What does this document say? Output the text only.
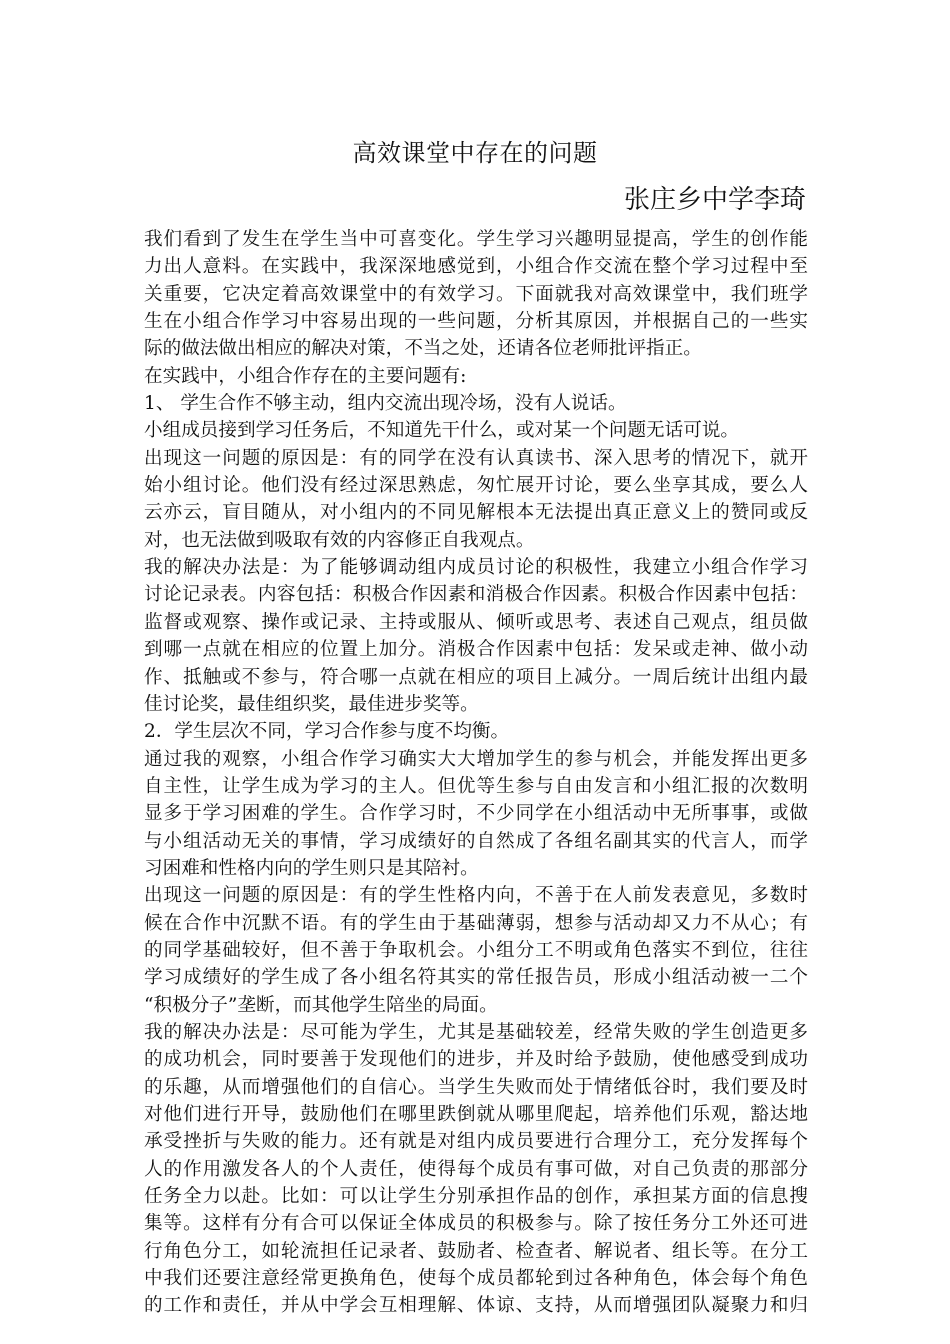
高效课堂中存在的问题
张庄乡中学李琦
我们看到了发生在学生当中可喜变化。学生学习兴趣明显提高，学生的创作能
力出人意料。在实践中，我深深地感觉到，小组合作交流在整个学习过程中至
关重要，它决定着高效课堂中的有效学习。下面就我对高效课堂中，我们班学
生在小组合作学习中容易出现的一些问题，分析其原因，并根据自己的一些实
际的做法做出相应的解决对策，不当之处，还请各位老师批评指正。
在实践中，小组合作存在的主要问题有:
1、 学生合作不够主动，组内交流出现冷场，没有人说话。
小组成员接到学习任务后，不知道先干什么，或对某一个问题无话可说。
出现这一问题的原因是：有的同学在没有认真读书、深入思考的情况下，就开
始小组讨论。他们没有经过深思熟虑，匆忙展开讨论，要么坐享其成，要么人
云亦云，盲目随从，对小组内的不同见解根本无法提出真正意义上的赞同或反
对，也无法做到吸取有效的内容修正自我观点。
我的解决办法是：为了能够调动组内成员讨论的积极性，我建立小组合作学习
讨论记录表。内容包括：积极合作因素和消极合作因素。积极合作因素中包括：
监督或观察、操作或记录、主持或服从、倾听或思考、表述自己观点，组员做
到哪一点就在相应的位置上加分。消极合作因素中包括：发呆或走神、做小动
作、抵触或不参与，符合哪一点就在相应的项目上减分。一周后统计出组内最
佳讨论奖，最佳组织奖，最佳进步奖等。
2．学生层次不同，学习合作参与度不均衡。
通过我的观察，小组合作学习确实大大增加学生的参与机会，并能发挥出更多
自主性，让学生成为学习的主人。但优等生参与自由发言和小组汇报的次数明
显多于学习困难的学生。合作学习时，不少同学在小组活动中无所事事，或做
与小组活动无关的事情，学习成绩好的自然成了各组名副其实的代言人，而学
习困难和性格内向的学生则只是其陪衬。
出现这一问题的原因是：有的学生性格内向，不善于在人前发表意见，多数时
候在合作中沉默不语。有的学生由于基础薄弱，想参与活动却又力不从心；有
的同学基础较好，但不善于争取机会。小组分工不明或角色落实不到位，往往
学习成绩好的学生成了各小组名符其实的常任报告员，形成小组活动被一二个
“积极分子”垄断，而其他学生陪坐的局面。
我的解决办法是：尽可能为学生，尤其是基础较差，经常失败的学生创造更多
的成功机会，同时要善于发现他们的进步，并及时给予鼓励，使他感受到成功
的乐趣，从而增强他们的自信心。当学生失败而处于情绪低谷时，我们要及时
对他们进行开导，鼓励他们在哪里跌倒就从哪里爬起，培养他们乐观，豁达地
承受挫折与失败的能力。还有就是对组内成员要进行合理分工，充分发挥每个
人的作用激发各人的个人责任，使得每个成员有事可做，对自己负责的那部分
任务全力以赴。比如：可以让学生分别承担作品的创作，承担某方面的信息搜
集等。这样有分有合可以保证全体成员的积极参与。除了按任务分工外还可进
行角色分工，如轮流担任记录者、鼓励者、检查者、解说者、组长等。在分工
中我们还要注意经常更换角色，使每个成员都轮到过各种角色，体会每个角色
的工作和责任，并从中学会互相理解、体谅、支持，从而增强团队凝聚力和归
